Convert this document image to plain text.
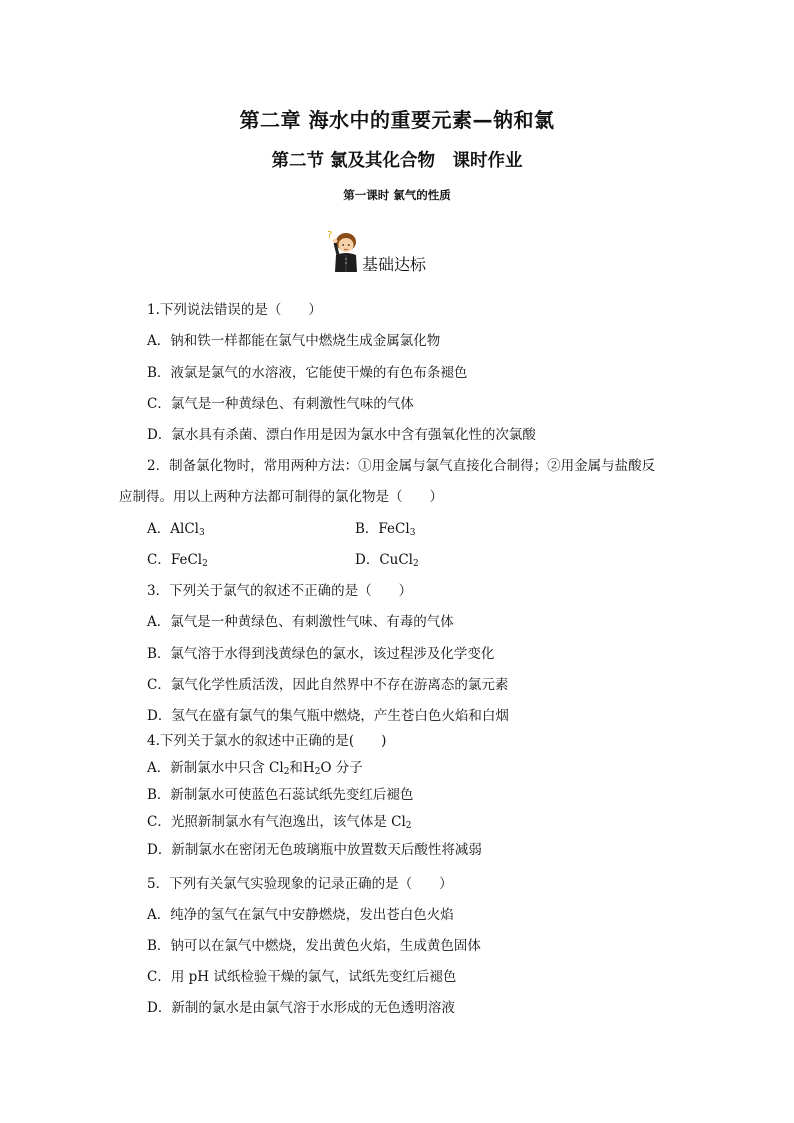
第二章 海水中的重要元素—钠和氯
第二节 氯及其化合物　课时作业
第一课时 氯气的性质
?
基础达标
1.下列说法错误的是（　　）
A．钠和铁一样都能在氯气中燃烧生成金属氯化物
B．液氯是氯气的水溶液，它能使干燥的有色布条褪色
C．氯气是一种黄绿色、有刺激性气味的气体
D．氯水具有杀菌、漂白作用是因为氯水中含有强氧化性的次氯酸
2．制备氯化物时，常用两种方法：①用金属与氯气直接化合制得；②用金属与盐酸反
应制得。用以上两种方法都可制得的氯化物是（　　）
A．AlCl$_3$	B．FeCl$_3$
C．FeCl$_2$	D．CuCl$_2$
3．下列关于氯气的叙述不正确的是（　　）
A．氯气是一种黄绿色、有刺激性气味、有毒的气体
B．氯气溶于水得到浅黄绿色的氯水，该过程涉及化学变化
C．氯气化学性质活泼，因此自然界中不存在游离态的氯元素
D．氢气在盛有氯气的集气瓶中燃烧，产生苍白色火焰和白烟
4.下列关于氯水的叙述中正确的是(　　)
A．新制氯水中只含 $Cl_2$和$H_2O$ 分子
B．新制氯水可使蓝色石蕊试纸先变红后褪色
C．光照新制氯水有气泡逸出，该气体是 $Cl_2$
D．新制氯水在密闭无色玻璃瓶中放置数天后酸性将减弱
5．下列有关氯气实验现象的记录正确的是（　　）
A．纯净的氢气在氯气中安静燃烧，发出苍白色火焰
B．钠可以在氯气中燃烧，发出黄色火焰，生成黄色固体
C．用 pH 试纸检验干燥的氯气，试纸先变红后褪色
D．新制的氯水是由氯气溶于水形成的无色透明溶液
